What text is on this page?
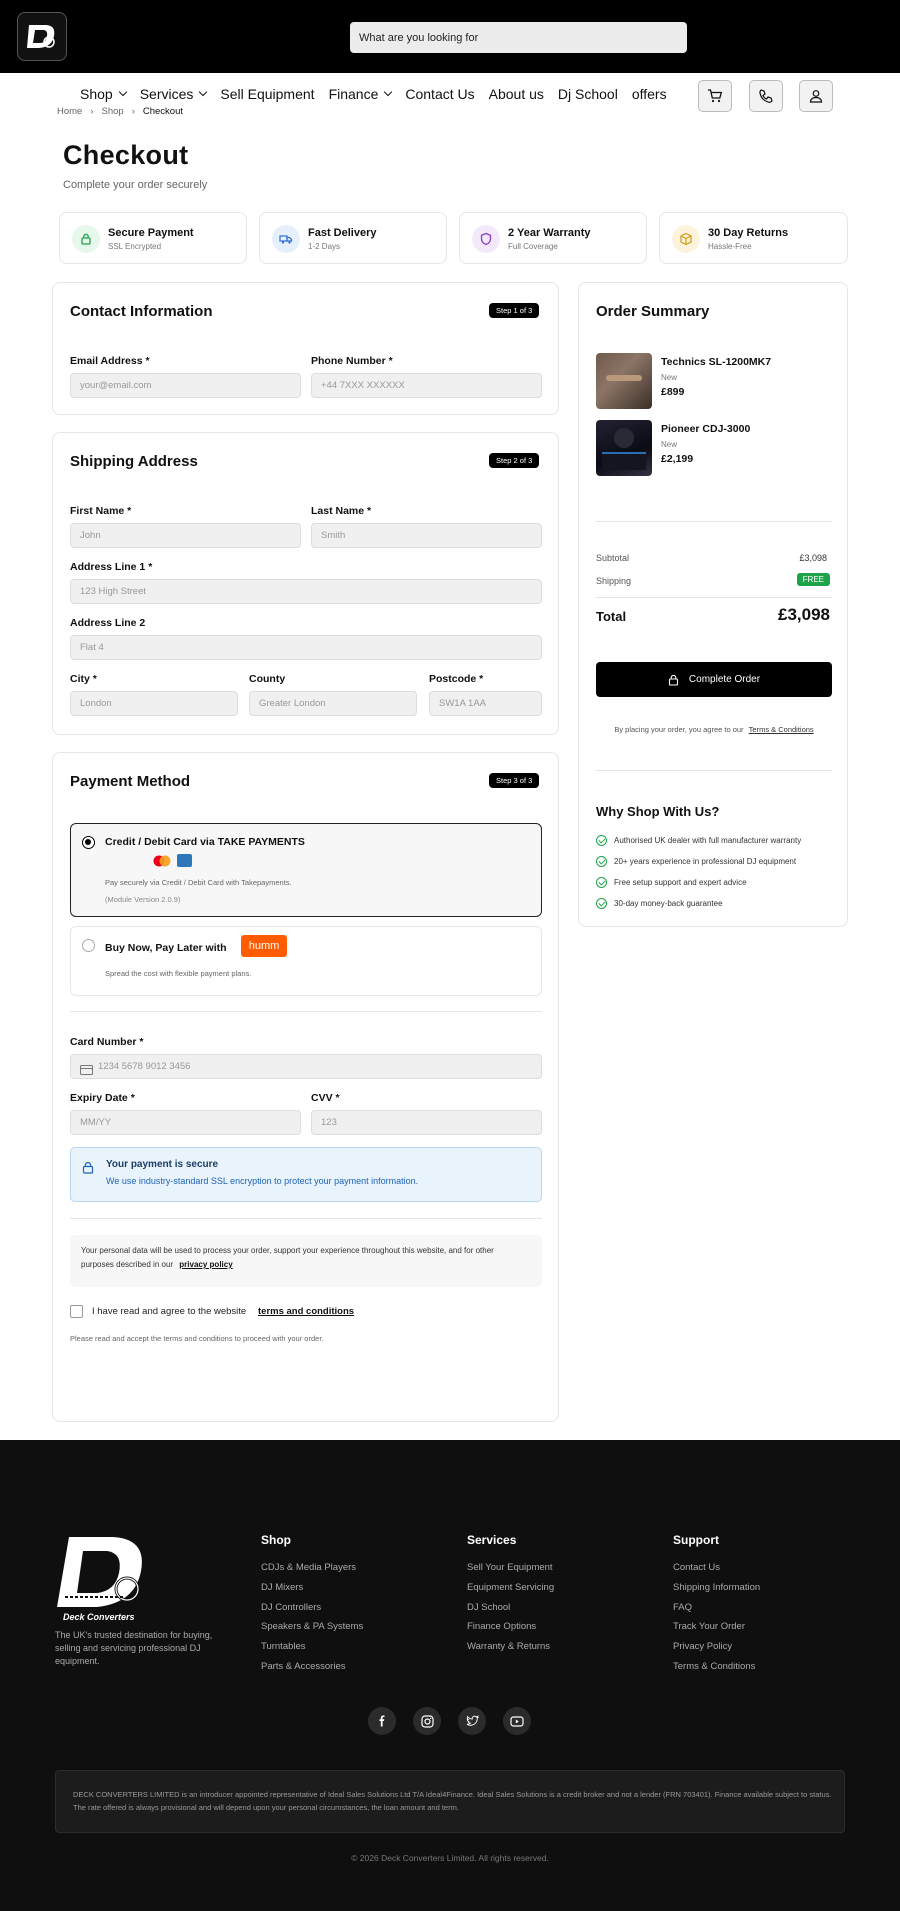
What are you looking for
Shop Services Sell Equipment Finance Contact Us About us Dj School offers
Home › Shop › Checkout
Checkout
Complete your order securely
Secure Payment
SSL Encrypted
Fast Delivery
1-2 Days
2 Year Warranty
Full Coverage
30 Day Returns
Hassle-Free
Contact Information	Step 1 of 3
Email Address *
your@email.com	Phone Number *
+44 7XXX XXXXXX
Shipping Address	Step 2 of 3
First Name *
John	Last Name *
Smith
Address Line 1 *
123 High Street
Address Line 2
Flat 4
City *
London	County
Greater London	Postcode *
SW1A 1AA
Payment Method	Step 3 of 3
Credit / Debit Card via TAKE PAYMENTS
Pay securely via Credit / Debit Card with Takepayments.
(Module Version 2.0.9)
Buy Now, Pay Later with	humm
Spread the cost with flexible payment plans.
Card Number *
1234 5678 9012 3456
Expiry Date *
MM/YY	CVV *
123
Your payment is secure
We use industry-standard SSL encryption to protect your payment information.
Your personal data will be used to process your order, support your experience throughout this website, and for other purposes described in our privacy policy
I have read and agree to the website terms and conditions
Please read and accept the terms and conditions to proceed with your order.
Order Summary
Technics SL-1200MK7
New
£899
Pioneer CDJ-3000
New
£2,199
Subtotal	£3,098
Shipping	FREE
Total	£3,098
Complete Order
By placing your order, you agree to our Terms & Conditions
Why Shop With Us?
Authorised UK dealer with full manufacturer warranty
20+ years experience in professional DJ equipment
Free setup support and expert advice
30-day money-back guarantee
Deck Converters
The UK's trusted destination for buying, selling and servicing professional DJ equipment.
Shop
CDJs & Media Players
DJ Mixers
DJ Controllers
Speakers & PA Systems
Turntables
Parts & Accessories
Services
Sell Your Equipment
Equipment Servicing
DJ School
Finance Options
Warranty & Returns
Support
Contact Us
Shipping Information
FAQ
Track Your Order
Privacy Policy
Terms & Conditions
DECK CONVERTERS LIMITED is an introducer appointed representative of Ideal Sales Solutions Ltd T/A Ideal4Finance. Ideal Sales Solutions is a credit broker and not a lender (FRN 703401). Finance available subject to status. The rate offered is always provisional and will depend upon your personal circumstances, the loan amount and term.
© 2026 Deck Converters Limited. All rights reserved.
